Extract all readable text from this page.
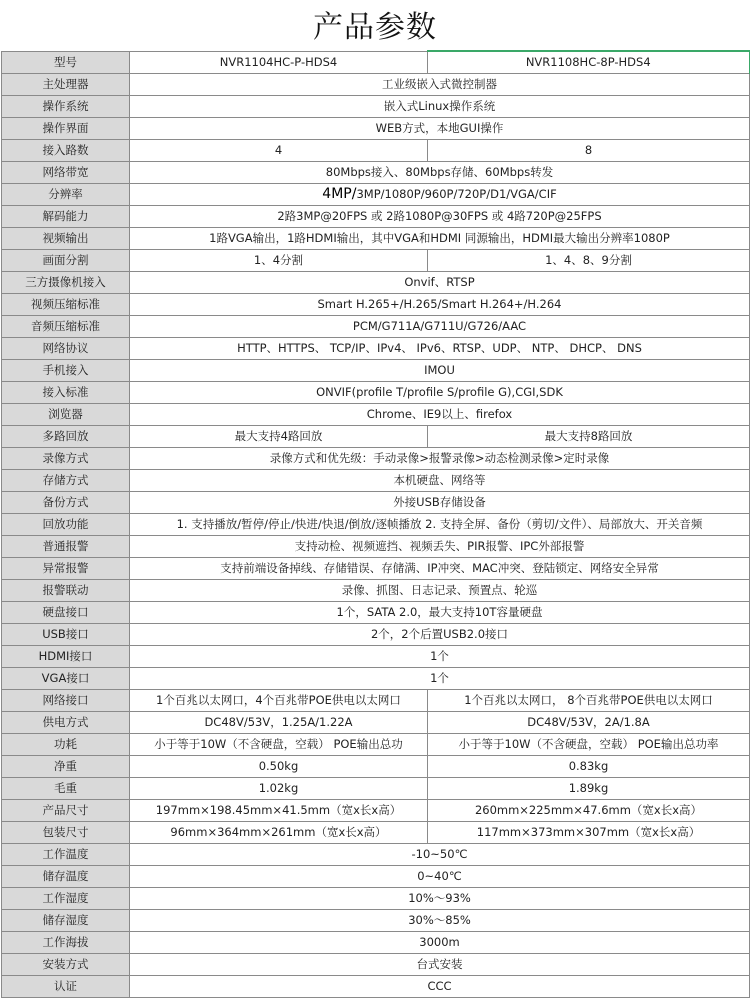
产品参数
型号	NVR1104HC-P-HDS4	NVR1108HC-8P-HDS4
主处理器	工业级嵌入式微控制器	
操作系统	嵌入式Linux操作系统	
操作界面	WEB方式，本地GUI操作	
接入路数	4	8
网络带宽	80Mbps接入、80Mbps存储、60Mbps转发	
分辨率	4MP/3MP/1080P/960P/720P/D1/VGA/CIF	
解码能力	2路3MP@20FPS 或 2路1080P@30FPS 或 4路720P@25FPS	
视频输出	1路VGA输出，1路HDMI输出，其中VGA和HDMI 同源输出，HDMI最大输出分辨率1080P	
画面分割	1、4分割	1、4、8、9分割
三方摄像机接入	Onvif、RTSP	
视频压缩标准	Smart H.265+/H.265/Smart H.264+/H.264	
音频压缩标准	PCM/G711A/G711U/G726/AAC	
网络协议	HTTP、HTTPS、 TCP/IP、IPv4、 IPv6、RTSP、UDP、 NTP、 DHCP、 DNS	
手机接入	IMOU	
接入标准	ONVIF(profile T/profile S/profile G),CGI,SDK	
浏览器	Chrome、IE9以上、firefox	
多路回放	最大支持4路回放	最大支持8路回放
录像方式	录像方式和优先级：手动录像>报警录像>动态检测录像>定时录像	
存储方式	本机硬盘、网络等	
备份方式	外接USB存储设备	
回放功能	1. 支持播放/暂停/停止/快进/快退/倒放/逐帧播放 2. 支持全屏、备份（剪切/文件）、局部放大、开关音频	
普通报警	支持动检、视频遮挡、视频丢失、PIR报警、IPC外部报警	
异常报警	支持前端设备掉线、存储错误、存储满、IP冲突、MAC冲突、登陆锁定、网络安全异常	
报警联动	录像、抓图、日志记录、预置点、轮巡	
硬盘接口	1个，SATA 2.0，最大支持10T容量硬盘	
USB接口	2个，2个后置USB2.0接口	
HDMI接口	1个	
VGA接口	1个	
网络接口	1个百兆以太网口，4个百兆带POE供电以太网口	1个百兆以太网口， 8个百兆带POE供电以太网口
供电方式	DC48V/53V，1.25A/1.22A	DC48V/53V，2A/1.8A
功耗	小于等于10W（不含硬盘，空载） POE输出总功	小于等于10W（不含硬盘，空载） POE输出总功率
净重	0.50kg	0.83kg
毛重	1.02kg	1.89kg
产品尺寸	197mm×198.45mm×41.5mm（宽x长x高）	260mm×225mm×47.6mm（宽x长x高）
包装尺寸	96mm×364mm×261mm（宽x长x高）	117mm×373mm×307mm（宽x长x高）
工作温度	-10~50℃	
储存温度	0~40℃	
工作湿度	10%～93%	
储存湿度	30%～85%	
工作海拔	3000m	
安装方式	台式安装	
认证	CCC	
